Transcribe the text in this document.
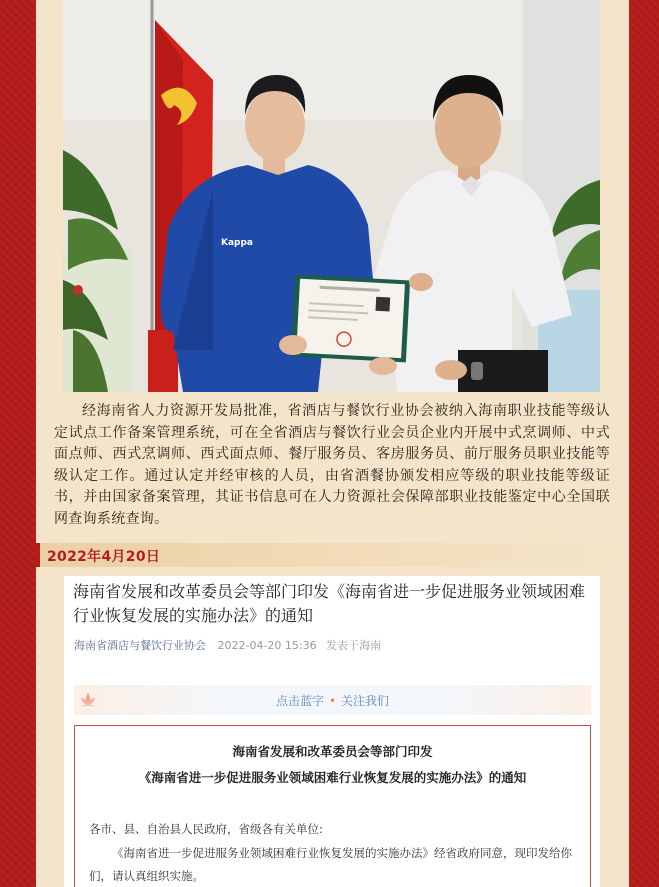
Kappa
经海南省人力资源开发局批准，省酒店与餐饮行业协会被纳入海南职业技能等级认定试点工作备案管理系统，可在全省酒店与餐饮行业会员企业内开展中式烹调师、中式面点师、西式烹调师、西式面点师、餐厅服务员、客房服务员、前厅服务员职业技能等级认定工作。通过认定并经审核的人员，由省酒餐协颁发相应等级的职业技能等级证书，并由国家备案管理，其证书信息可在人力资源社会保障部职业技能鉴定中心全国联网查询系统查询。
2022年4月20日
海南省发展和改革委员会等部门印发《海南省进一步促进服务业领域困难行业恢复发展的实施办法》的通知
海南省酒店与餐饮行业协会 2022-04-20 15:36 发表于海南
点击蓝字 • 关注我们
海南省发展和改革委员会等部门印发
《海南省进一步促进服务业领域困难行业恢复发展的实施办法》的通知
各市、县、自治县人民政府，省级各有关单位:
《海南省进一步促进服务业领域困难行业恢复发展的实施办法》经省政府同意，现印发给你们，请认真组织实施。
